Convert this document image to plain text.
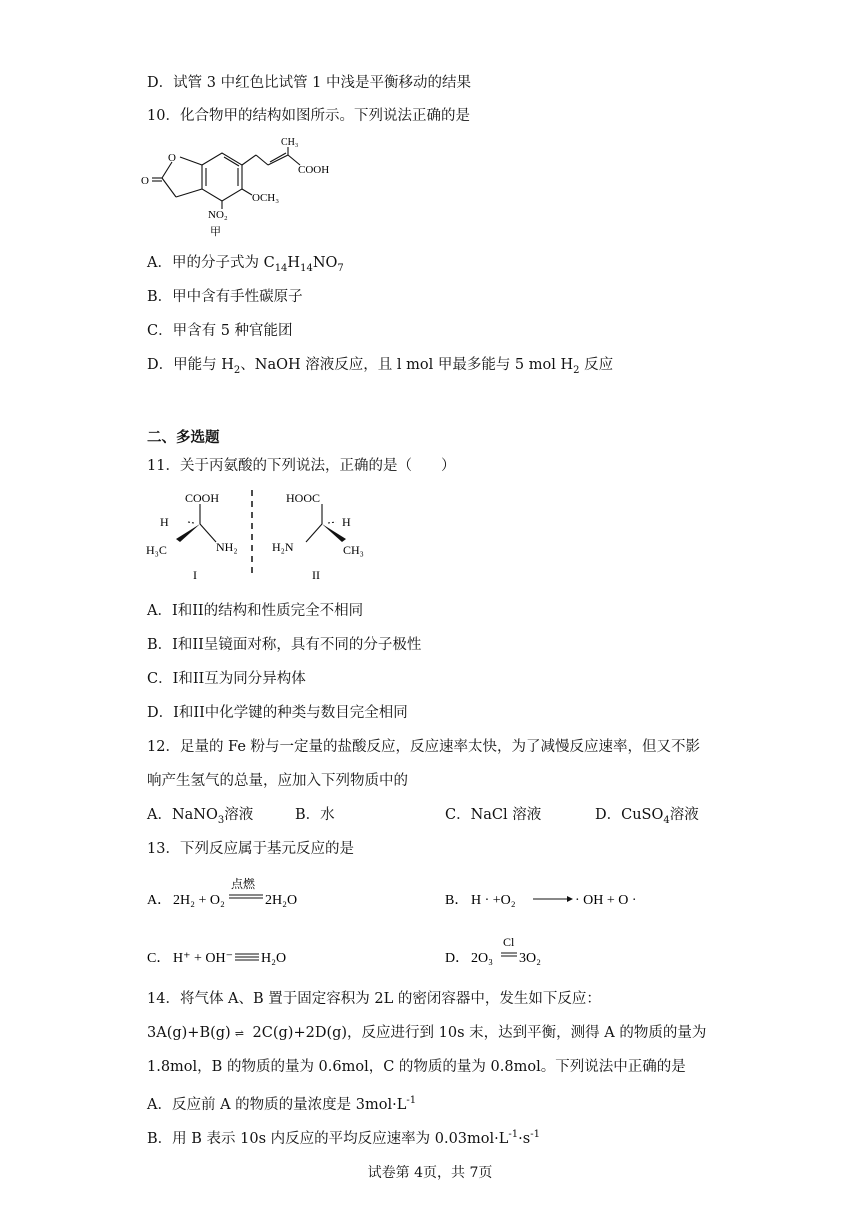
D．试管 3 中红色比试管 1 中浅是平衡移动的结果
10．化合物甲的结构如图所示。下列说法正确的是
O
O
CH₃
COOH
OCH₃
NO₂
甲
A．甲的分子式为 $C_{14}H_{14}NO_7$
B．甲中含有手性碳原子
C．甲含有 5 种官能团
D．甲能与 $H_2$、NaOH 溶液反应，且 l mol 甲最多能与 5 mol $H_2$ 反应
二、多选题
11．关于丙氨酸的下列说法，正确的是（　　）
COOH
H
H₃C	NH₂
I
HOOC
H
H₂N	CH₃
II
A．I和II的结构和性质完全不相同
B．I和II呈镜面对称，具有不同的分子极性
C．I和II互为同分异构体
D．I和II中化学键的种类与数目完全相同
12．足量的 Fe 粉与一定量的盐酸反应，反应速率太快，为了减慢反应速率，但又不影
响产生氢气的总量，应加入下列物质中的
A．NaNO$_3$溶液	B．水	C．NaCl 溶液	D．CuSO$_4$溶液
13．下列反应属于基元反应的是
A． 2H₂ + O₂
点燃
2H₂O	B． H · +O₂	· OH + O ·
C． H⁺ + OH⁻ H₂O	D． 2O₃
Cl
3O₂
14．将气体 A、B 置于固定容积为 2L 的密闭容器中，发生如下反应：
3A(g)+B(g) ⇌ 2C(g)+2D(g)，反应进行到 10s 末，达到平衡，测得 A 的物质的量为
1.8mol，B 的物质的量为 0.6mol，C 的物质的量为 0.8mol。下列说法中正确的是
A．反应前 A 的物质的量浓度是 $3mol\cdot L^{-1}$
B．用 B 表示 10s 内反应的平均反应速率为 $0.03mol\cdot L^{-1}\cdot s^{-1}$
试卷第 4页，共 7页
